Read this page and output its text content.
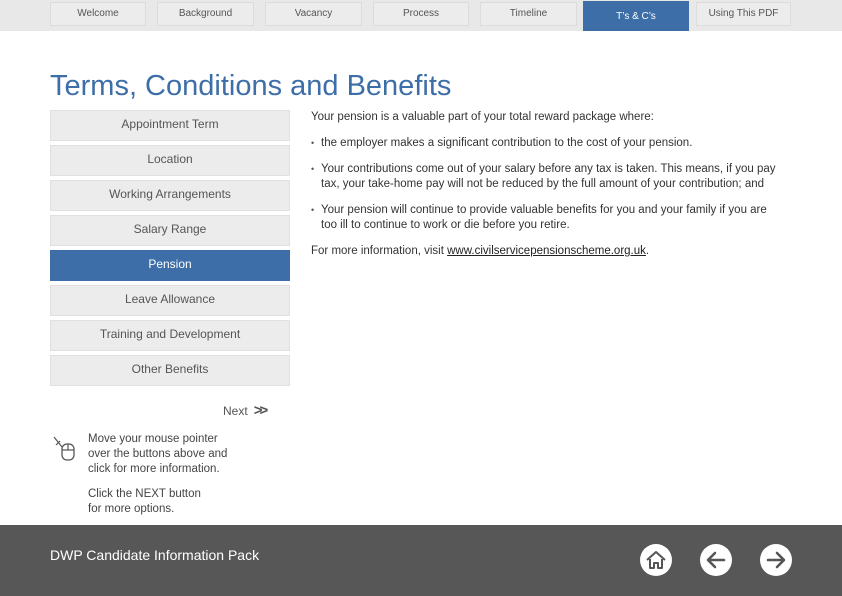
Welcome	Background	Vacancy	Process	Timeline	T’s & C’s	Using This PDF
Terms, Conditions and Benefits
Appointment Term
Location
Working Arrangements
Salary Range
Pension
Leave Allowance
Training and Development
Other Benefits
Next >>
Move your mouse pointer
over the buttons above and
click for more information.
Click the NEXT button
for more options.

Your pension is a valuable part of your total reward package where:

• the employer makes a significant contribution to the cost of your pension.
• Your contributions come out of your salary before any tax is taken. This means, if you pay tax, your take-home pay will not be reduced by the full amount of your contribution; and
• Your pension will continue to provide valuable benefits for you and your family if you are too ill to continue to work or die before you retire.

For more information, visit www.civilservicepensionscheme.org.uk.

DWP Candidate Information Pack
